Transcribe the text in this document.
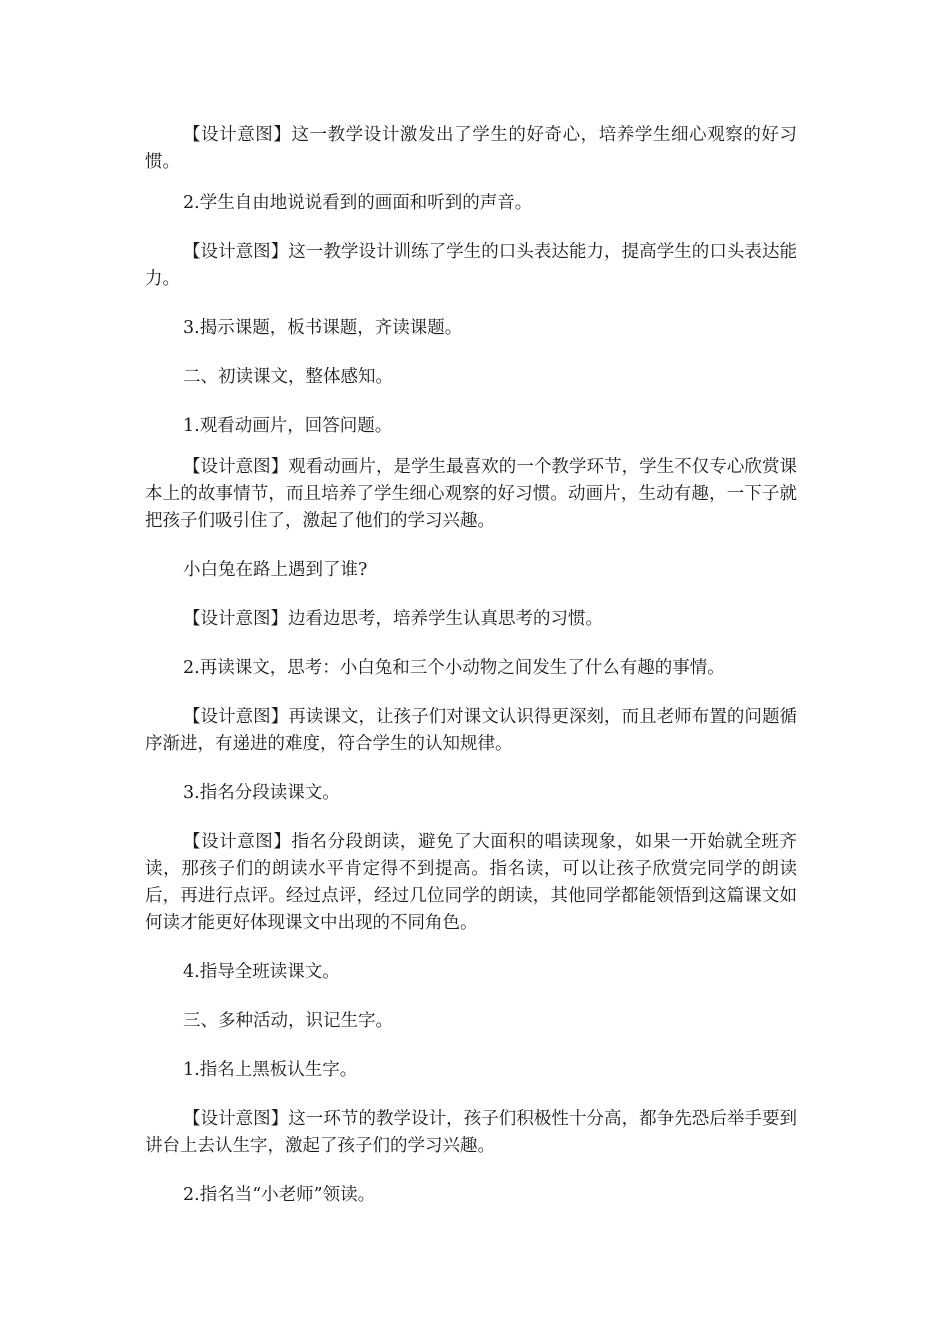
【设计意图】这一教学设计激发出了学生的好奇心，培养学生细心观察的好习惯。

2.学生自由地说说看到的画面和听到的声音。

【设计意图】这一教学设计训练了学生的口头表达能力，提高学生的口头表达能力。

3.揭示课题，板书课题，齐读课题。

二、初读课文，整体感知。

1.观看动画片，回答问题。

【设计意图】观看动画片，是学生最喜欢的一个教学环节，学生不仅专心欣赏课本上的故事情节，而且培养了学生细心观察的好习惯。动画片，生动有趣，一下子就把孩子们吸引住了，激起了他们的学习兴趣。

小白兔在路上遇到了谁?

【设计意图】边看边思考，培养学生认真思考的习惯。

2.再读课文，思考：小白兔和三个小动物之间发生了什么有趣的事情。

【设计意图】再读课文，让孩子们对课文认识得更深刻，而且老师布置的问题循序渐进，有递进的难度，符合学生的认知规律。

3.指名分段读课文。

【设计意图】指名分段朗读，避免了大面积的唱读现象，如果一开始就全班齐读，那孩子们的朗读水平肯定得不到提高。指名读，可以让孩子欣赏完同学的朗读后，再进行点评。经过点评，经过几位同学的朗读，其他同学都能领悟到这篇课文如何读才能更好体现课文中出现的不同角色。

4.指导全班读课文。

三、多种活动，识记生字。

1.指名上黑板认生字。

【设计意图】这一环节的教学设计，孩子们积极性十分高，都争先恐后举手要到讲台上去认生字，激起了孩子们的学习兴趣。

2.指名当“小老师”领读。
